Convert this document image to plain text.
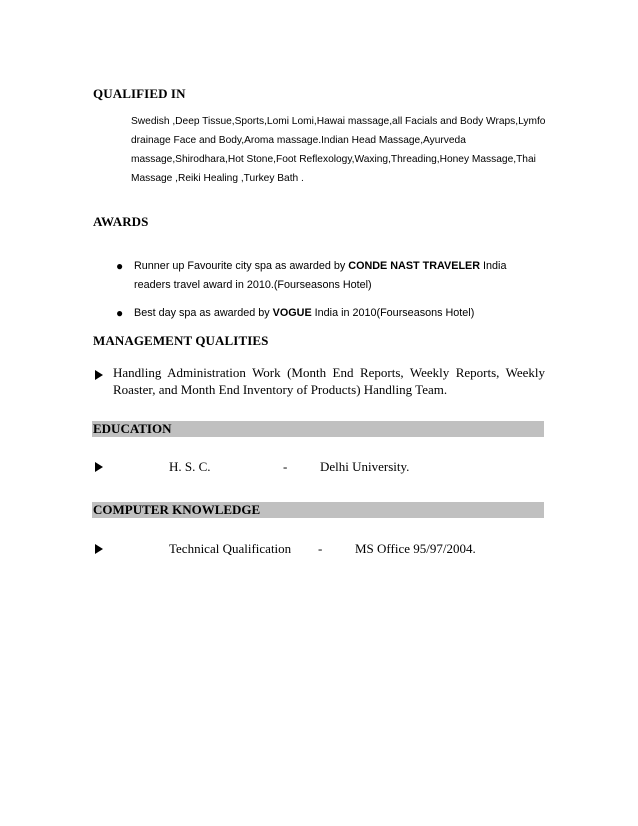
QUALIFIED IN
Swedish ,Deep Tissue,Sports,Lomi Lomi,Hawai massage,all Facials and Body Wraps,Lymfo drainage Face and Body,Aroma massage.Indian Head Massage,Ayurveda massage,Shirodhara,Hot Stone,Foot Reflexology,Waxing,Threading,Honey Massage,Thai Massage ,Reiki Healing ,Turkey Bath .
AWARDS
● Runner up Favourite city spa as awarded by CONDE NAST TRAVELER India readers travel award in 2010.(Fourseasons Hotel)
● Best day spa as awarded by VOGUE India in 2010(Fourseasons Hotel)
MANAGEMENT QUALITIES
Handling Administration Work (Month End Reports, Weekly Reports, Weekly Roaster, and Month End Inventory of Products) Handling Team.
EDUCATION
H. S. C.	-	Delhi University.
COMPUTER KNOWLEDGE
Technical Qualification -	MS Office 95/97/2004.
